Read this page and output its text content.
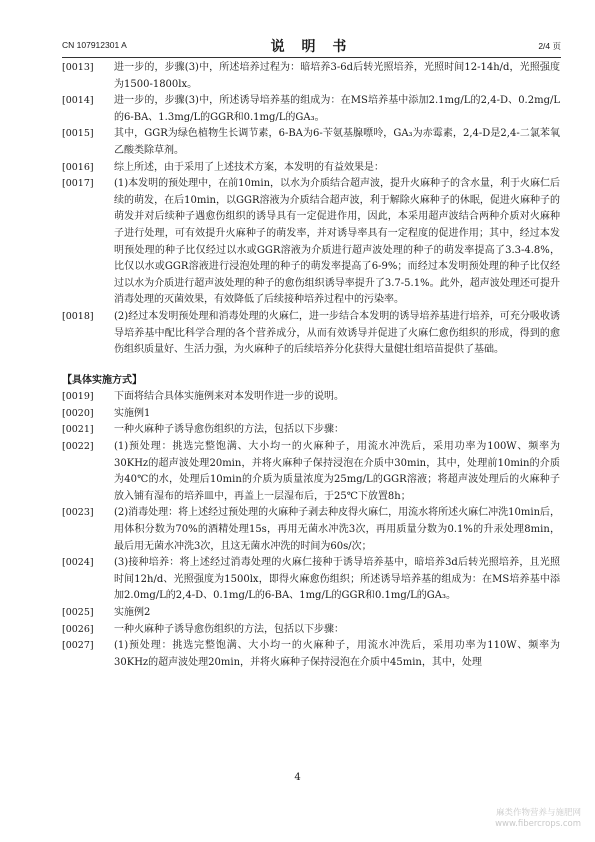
CN 107912301 A	说 明 书	2/4 页
[0013] 进一步的，步骤(3)中，所述培养过程为：暗培养3-6d后转光照培养，光照时间12-14h/d，光照强度为1500-1800lx。
[0014] 进一步的，步骤(3)中，所述诱导培养基的组成为：在MS培养基中添加2.1mg/L的2,4-D、0.2mg/L的6-BA、1.3mg/L的GGR和0.1mg/L的GA₃。
[0015] 其中，GGR为绿色植物生长调节素，6-BA为6-苄氨基腺嘌呤，GA₃为赤霉素，2,4-D是2,4-二氯苯氧乙酸类除草剂。
[0016] 综上所述，由于采用了上述技术方案，本发明的有益效果是：
[0017] (1)本发明的预处理中，在前10min，以水为介质结合超声波，提升火麻种子的含水量，利于火麻仁后续的萌发，在后10min，以GGR溶液为介质结合超声波，利于解除火麻种子的休眠，促进火麻种子的萌发并对后续种子遇愈伤组织的诱导具有一定促进作用，因此，本采用超声波结合两种介质对火麻种子进行处理，可有效提升火麻种子的萌发率，并对诱导率具有一定程度的促进作用；其中，经过本发明预处理的种子比仅经过以水或GGR溶液为介质进行超声波处理的种子的萌发率提高了3.3-4.8%，比仅以水或GGR溶液进行浸泡处理的种子的萌发率提高了6-9%；而经过本发明预处理的种子比仅经过以水为介质进行超声波处理的种子的愈伤组织诱导率提升了3.7-5.1%。此外，超声波处理还可提升消毒处理的灭菌效果，有效降低了后续接种培养过程中的污染率。
[0018] (2)经过本发明预处理和消毒处理的火麻仁，进一步结合本发明的诱导培养基进行培养，可充分吸收诱导培养基中配比科学合理的各个营养成分，从而有效诱导并促进了火麻仁愈伤组织的形成，得到的愈伤组织质量好、生活力强，为火麻种子的后续培养分化获得大量健壮组培苗提供了基础。
【具体实施方式】
[0019] 下面将结合具体实施例来对本发明作进一步的说明。
[0020] 实施例1
[0021] 一种火麻种子诱导愈伤组织的方法，包括以下步骤：
[0022] (1)预处理：挑选完整饱满、大小均一的火麻种子，用流水冲洗后，采用功率为100W、频率为30KHz的超声波处理20min，并将火麻种子保持浸泡在介质中30min，其中，处理前10min的介质为40℃的水，处理后10min的介质为质量浓度为25mg/L的GGR溶液；将超声波处理后的火麻种子放入铺有湿布的培养皿中，再盖上一层湿布后，于25℃下放置8h；
[0023] (2)消毒处理：将上述经过预处理的火麻种子剥去种皮得火麻仁，用流水将所述火麻仁冲洗10min后，用体积分数为70%的酒精处理15s，再用无菌水冲洗3次，再用质量分数为0.1%的升汞处理8min，最后用无菌水冲洗3次，且这无菌水冲洗的时间为60s/次；
[0024] (3)接种培养：将上述经过消毒处理的火麻仁接种于诱导培养基中，暗培养3d后转光照培养，且光照时间12h/d、光照强度为1500lx，即得火麻愈伤组织；所述诱导培养基的组成为：在MS培养基中添加2.0mg/L的2,4-D、0.1mg/L的6-BA、1mg/L的GGR和0.1mg/L的GA₃。
[0025] 实施例2
[0026] 一种火麻种子诱导愈伤组织的方法，包括以下步骤：
[0027] (1)预处理：挑选完整饱满、大小均一的火麻种子，用流水冲洗后，采用功率为110W、频率为30KHz的超声波处理20min，并将火麻种子保持浸泡在介质中45min，其中，处理
4
麻类作物营养与施肥网
www.fibercrops.com
